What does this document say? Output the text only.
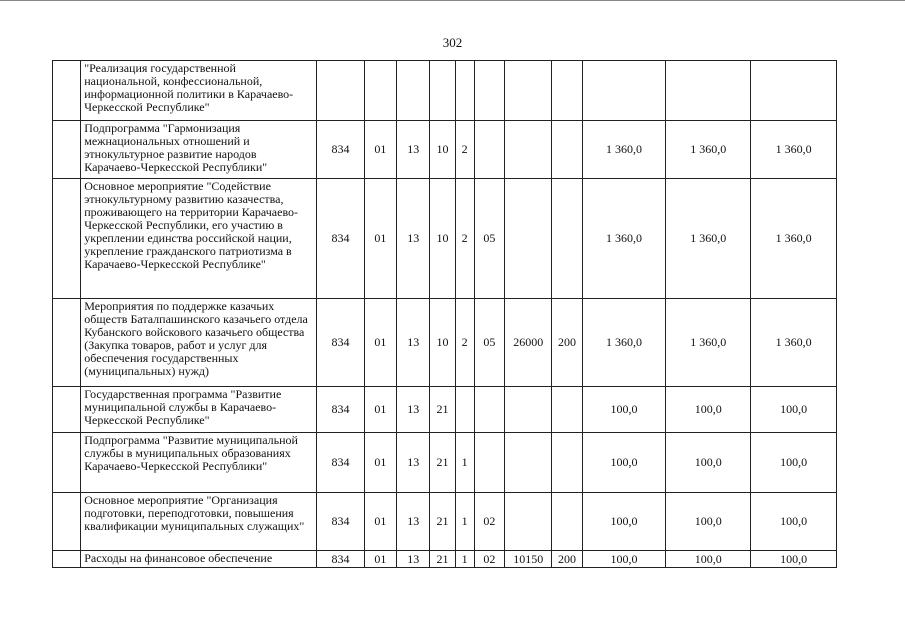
302
	"Реализация государственной национальной, конфессиональной, информационной политики в Карачаево-Черкесской Республике"											
	Подпрограмма "Гармонизация межнациональных отношений и этнокультурное развитие народов Карачаево-Черкесской Республики"	834	01	13	10	2				1 360,0	1 360,0	1 360,0
	Основное мероприятие "Содействие этнокультурному развитию казачества, проживающего на территории Карачаево-Черкесской Республики, его участию в укреплении единства российской нации, укрепление гражданского патриотизма в Карачаево-Черкесской Республике"	834	01	13	10	2	05			1 360,0	1 360,0	1 360,0
	Мероприятия по поддержке казачьих обществ Баталпашинского казачьего отдела Кубанского войскового казачьего общества (Закупка товаров, работ и услуг для обеспечения государственных (муниципальных) нужд)	834	01	13	10	2	05	26000	200	1 360,0	1 360,0	1 360,0
	Государственная программа "Развитие муниципальной службы в Карачаево-Черкесской Республике"	834	01	13	21					100,0	100,0	100,0
	Подпрограмма "Развитие муниципальной службы в муниципальных образованиях Карачаево-Черкесской Республики"	834	01	13	21	1				100,0	100,0	100,0
	Основное мероприятие "Организация подготовки, переподготовки, повышения квалификации муниципальных служащих"	834	01	13	21	1	02			100,0	100,0	100,0
	Расходы на финансовое обеспечение	834	01	13	21	1	02	10150	200	100,0	100,0	100,0
